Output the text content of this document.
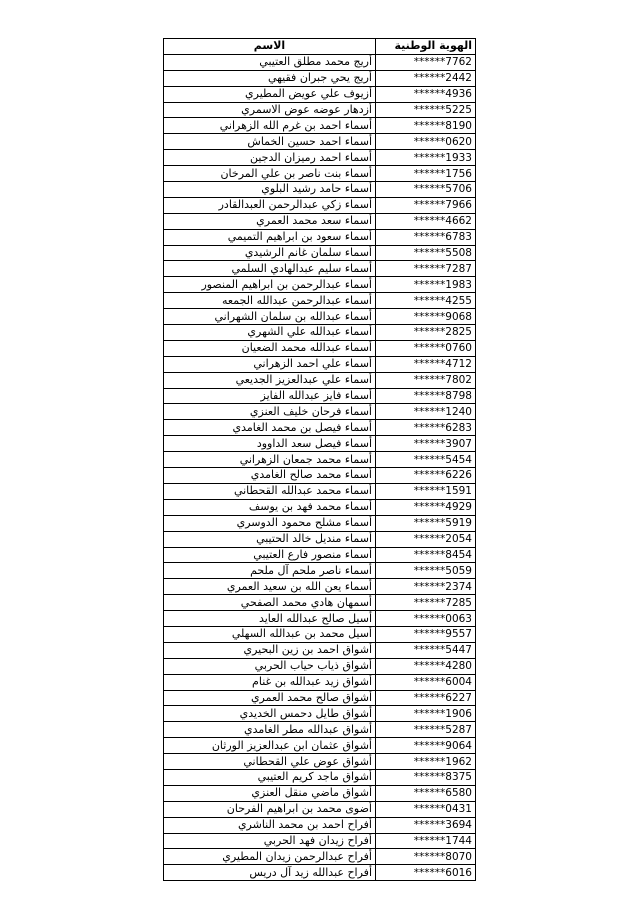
الهوية الوطنية	الاسم
******7762	أريج محمد مطلق العتيبي
******2442	أريج يحي جبران فقيهي
******4936	أزيوف علي عويض المطيري
******5225	أزدهار عوضه عوض الاسمري
******8190	أسماء احمد بن غرم الله الزهراني
******0620	أسماء احمد حسين الخماش
******1933	أسماء احمد رميزان الدجين
******1756	أسماء بنت ناصر بن علي المرخان
******5706	أسماء حامد رشيد البلوي
******7966	أسماء زكي عبدالرحمن العبدالقادر
******4662	أسماء سعد محمد العمري
******6783	أسماء سعود بن ابراهيم التميمي
******5508	أسماء سلمان غانم الرشيدي
******7287	أسماء سليم عبدالهادي السلمي
******1983	أسماء عبدالرحمن بن ابراهيم المنصور
******4255	أسماء عبدالرحمن عبدالله الجمعه
******9068	أسماء عبدالله بن سلمان الشهراني
******2825	أسماء عبدالله علي الشهري
******0760	أسماء عبدالله محمد الضعيان
******4712	أسماء علي احمد الزهراني
******7802	أسماء علي عبدالعزيز الجديعي
******8798	أسماء فايز عبدالله الفايز
******1240	أسماء فرحان خليف العنزي
******6283	أسماء فيصل بن محمد الغامدي
******3907	أسماء فيصل سعد الداوود
******5454	أسماء محمد جمعان الزهراني
******6226	أسماء محمد صالح الغامدي
******1591	أسماء محمد عبدالله القحطاني
******4929	أسماء محمد فهد بن يوسف
******5919	أسماء مشلح محمود الدوسري
******2054	أسماء منديل خالد الحتيبي
******8454	أسماء منصور فارع العتيبي
******5059	أسماء ناصر ملحم آل ملحم
******2374	أسماء يعن الله بن سعيد العمري
******7285	أسمهان هادي محمد الصفحي
******0063	أسيل صالح عبدالله العايد
******9557	أسيل محمد بن عبدالله السهلي
******5447	أشواق احمد بن زين البحيري
******4280	أشواق ذياب حياب الحربي
******6004	أشواق زيد عبدالله بن غنام
******6227	أشواق صالح محمد العمري
******1906	أشواق طايل دحمس الخديدي
******5287	أشواق عبدالله مطر الغامدي
******9064	أشواق عثمان ابن عبدالعزيز الورثان
******1962	أشواق عوض علي القحطاني
******8375	أشواق ماجد كريم العتيبي
******6580	أشواق ماضي منقل العنزي
******0431	أضوى محمد بن ابراهيم الفرحان
******3694	أفراح احمد بن محمد الناشري
******1744	أفراح زيدان فهد الحربي
******8070	أفراح عبدالرحمن زيدان المطيري
******6016	أفراح عبدالله زيد آل دريس
